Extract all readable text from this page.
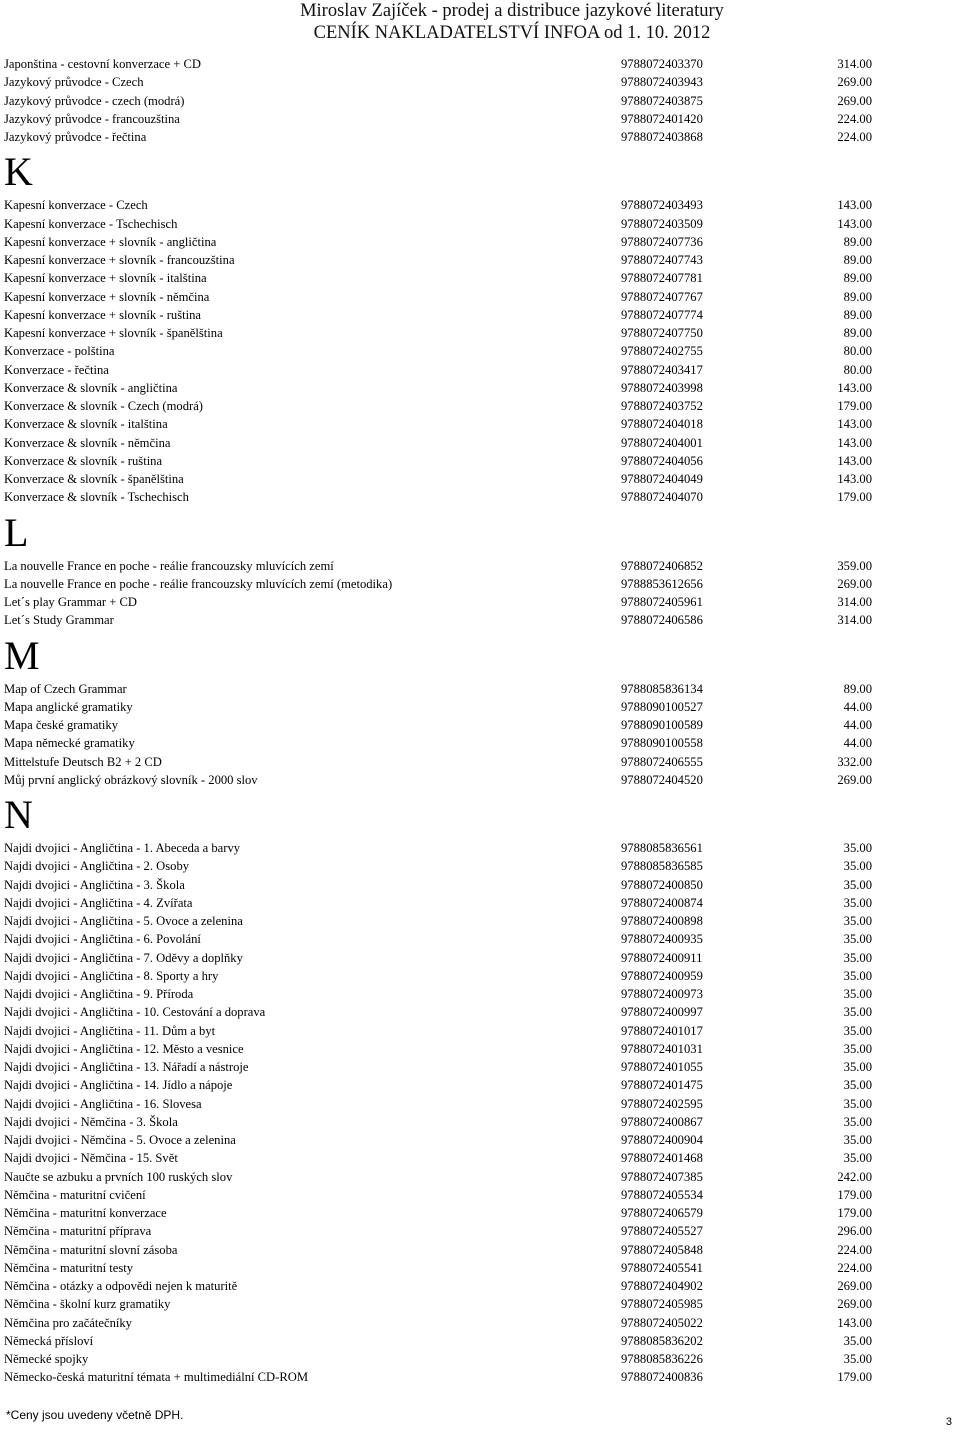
Miroslav Zajíček - prodej a distribuce jazykové literatury
CENÍK NAKLADATELSTVÍ INFOA od 1. 10. 2012
Japonština - cestovní konverzace + CD	9788072403370	314.00
Jazykový průvodce - Czech	9788072403943	269.00
Jazykový průvodce - czech (modrá)	9788072403875	269.00
Jazykový průvodce - francouzština	9788072401420	224.00
Jazykový průvodce - řečtina	9788072403868	224.00
K
Kapesní konverzace - Czech	9788072403493	143.00
Kapesní konverzace - Tschechisch	9788072403509	143.00
Kapesní konverzace + slovník - angličtina	9788072407736	89.00
Kapesní konverzace + slovník - francouzština	9788072407743	89.00
Kapesní konverzace + slovník - italština	9788072407781	89.00
Kapesní konverzace + slovník - němčina	9788072407767	89.00
Kapesní konverzace + slovník - ruština	9788072407774	89.00
Kapesní konverzace + slovník - španělština	9788072407750	89.00
Konverzace - polština	9788072402755	80.00
Konverzace - řečtina	9788072403417	80.00
Konverzace & slovník - angličtina	9788072403998	143.00
Konverzace & slovník - Czech (modrá)	9788072403752	179.00
Konverzace & slovník - italština	9788072404018	143.00
Konverzace & slovník - němčina	9788072404001	143.00
Konverzace & slovník - ruština	9788072404056	143.00
Konverzace & slovník - španělština	9788072404049	143.00
Konverzace & slovník - Tschechisch	9788072404070	179.00
L
La nouvelle France en poche - reálie francouzsky mluvících zemí	9788072406852	359.00
La nouvelle France en poche - reálie francouzsky mluvících zemí (metodika)	9788853612656	269.00
Let´s play Grammar + CD	9788072405961	314.00
Let´s Study Grammar	9788072406586	314.00
M
Map of Czech Grammar	9788085836134	89.00
Mapa anglické gramatiky	9788090100527	44.00
Mapa české gramatiky	9788090100589	44.00
Mapa německé gramatiky	9788090100558	44.00
Mittelstufe Deutsch B2 + 2 CD	9788072406555	332.00
Můj první anglický obrázkový slovník - 2000 slov	9788072404520	269.00
N
Najdi dvojici - Angličtina - 1. Abeceda a barvy	9788085836561	35.00
Najdi dvojici - Angličtina - 2. Osoby	9788085836585	35.00
Najdi dvojici - Angličtina - 3. Škola	9788072400850	35.00
Najdi dvojici - Angličtina - 4. Zvířata	9788072400874	35.00
Najdi dvojici - Angličtina - 5. Ovoce a zelenina	9788072400898	35.00
Najdi dvojici - Angličtina - 6. Povolání	9788072400935	35.00
Najdi dvojici - Angličtina - 7. Oděvy a doplňky	9788072400911	35.00
Najdi dvojici - Angličtina - 8. Sporty a hry	9788072400959	35.00
Najdi dvojici - Angličtina - 9. Příroda	9788072400973	35.00
Najdi dvojici - Angličtina - 10. Cestování a doprava	9788072400997	35.00
Najdi dvojici - Angličtina - 11. Dům a byt	9788072401017	35.00
Najdi dvojici - Angličtina - 12. Město a vesnice	9788072401031	35.00
Najdi dvojici - Angličtina - 13. Nářadí a nástroje	9788072401055	35.00
Najdi dvojici - Angličtina - 14. Jídlo a nápoje	9788072401475	35.00
Najdi dvojici - Angličtina - 16. Slovesa	9788072402595	35.00
Najdi dvojici - Němčina - 3. Škola	9788072400867	35.00
Najdi dvojici - Němčina - 5. Ovoce a zelenina	9788072400904	35.00
Najdi dvojici - Němčina - 15. Svět	9788072401468	35.00
Naučte se azbuku a prvních 100 ruských slov	9788072407385	242.00
Němčina - maturitní cvičení	9788072405534	179.00
Němčina - maturitní konverzace	9788072406579	179.00
Němčina - maturitní příprava	9788072405527	296.00
Němčina - maturitní slovní zásoba	9788072405848	224.00
Němčina - maturitní testy	9788072405541	224.00
Němčina - otázky a odpovědi nejen k maturitě	9788072404902	269.00
Němčina - školní kurz gramatiky	9788072405985	269.00
Němčina pro začátečníky	9788072405022	143.00
Německá přísloví	9788085836202	35.00
Německé spojky	9788085836226	35.00
Německo-česká maturitní témata + multimediální CD-ROM	9788072400836	179.00
*Ceny jsou uvedeny včetně DPH.	3
